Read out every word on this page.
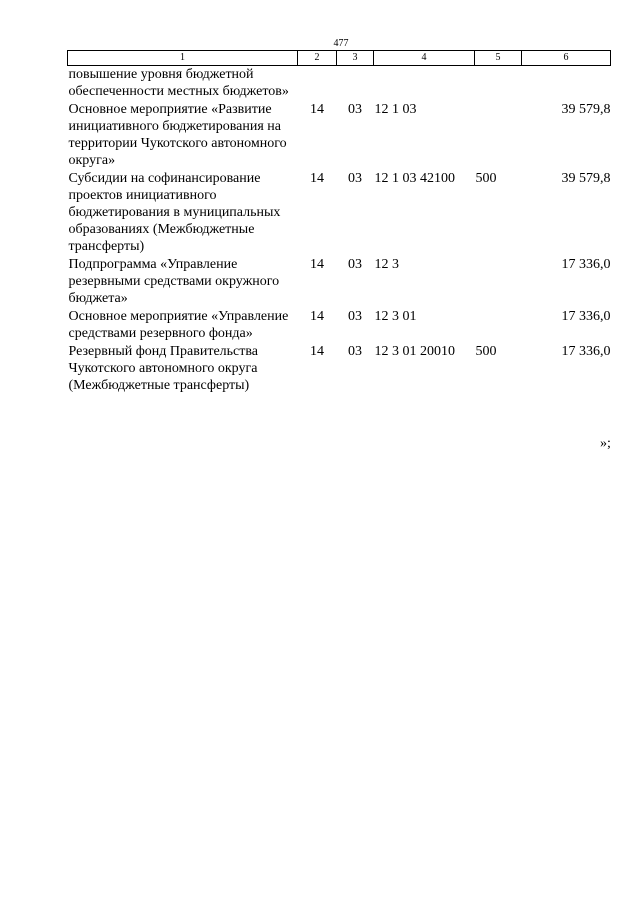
477
1	2	3	4	5	6
повышение уровня бюджетной обеспеченности местных бюджетов»					
Основное мероприятие «Развитие инициативного бюджетирования на территории Чукотского автономного округа»	14	03	12 1 03		39 579,8
Субсидии на софинансирование проектов инициативного бюджетирования в муниципальных образованиях (Межбюджетные трансферты)	14	03	12 1 03 42100	500	39 579,8
Подпрограмма «Управление резервными средствами окружного бюджета»	14	03	12 3		17 336,0
Основное мероприятие «Управление средствами резервного фонда»	14	03	12 3 01		17 336,0
Резервный фонд Правительства Чукотского автономного округа (Межбюджетные трансферты)	14	03	12 3 01 20010	500	17 336,0
»;
